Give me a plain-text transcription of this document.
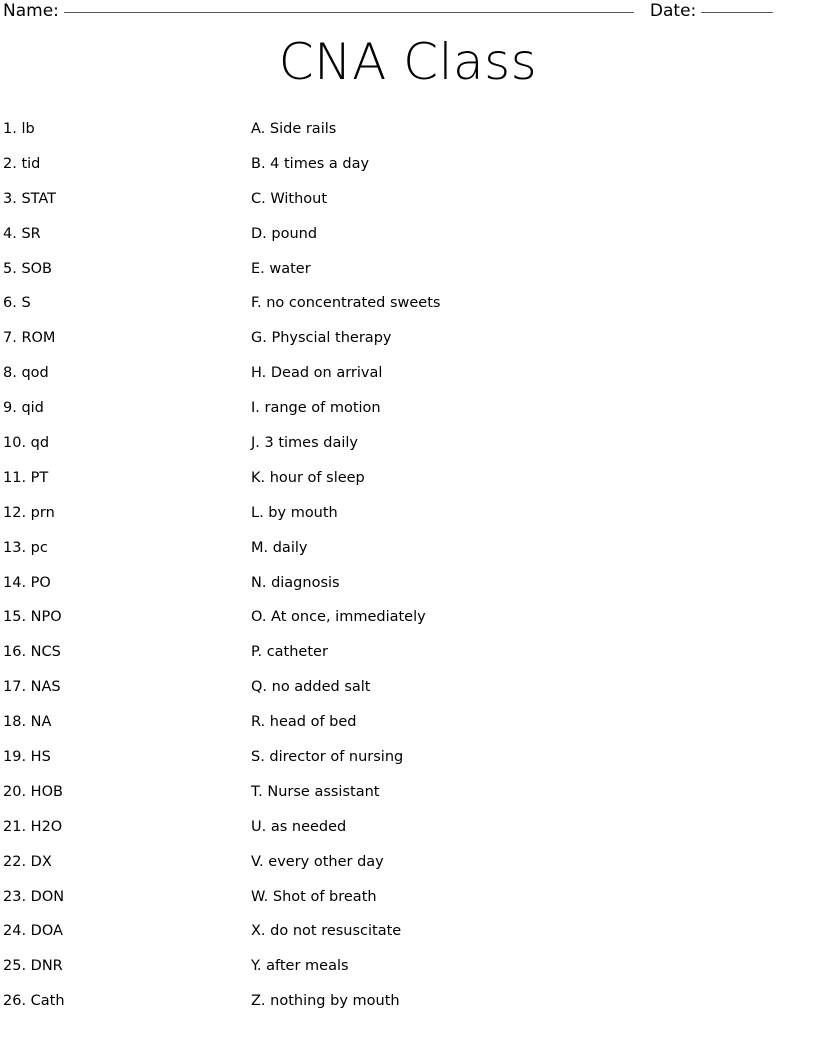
Name:	Date:
CNA Class
1. lb	A. Side rails
2. tid	B. 4 times a day
3. STAT	C. Without
4. SR	D. pound
5. SOB	E. water
6. S	F. no concentrated sweets
7. ROM	G. Physcial therapy
8. qod	H. Dead on arrival
9. qid	I. range of motion
10. qd	J. 3 times daily
11. PT	K. hour of sleep
12. prn	L. by mouth
13. pc	M. daily
14. PO	N. diagnosis
15. NPO	O. At once, immediately
16. NCS	P. catheter
17. NAS	Q. no added salt
18. NA	R. head of bed
19. HS	S. director of nursing
20. HOB	T. Nurse assistant
21. H2O	U. as needed
22. DX	V. every other day
23. DON	W. Shot of breath
24. DOA	X. do not resuscitate
25. DNR	Y. after meals
26. Cath	Z. nothing by mouth
